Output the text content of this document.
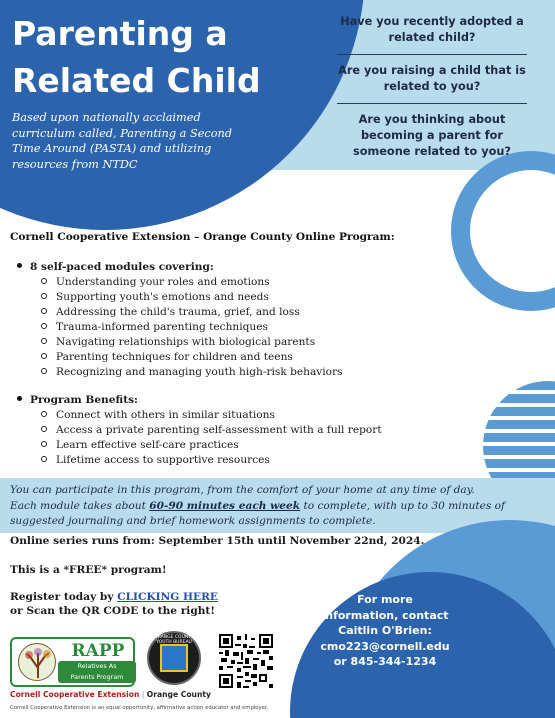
Parenting a
Related Child
Based upon nationally acclaimed curriculum called, Parenting a Second Time Around (PASTA) and utilizing resources from NTDC
Have you recently adopted a related child?
Are you raising a child that is related to you?
Are you thinking about becoming a parent for someone related to you?
Cornell Cooperative Extension – Orange County Online Program:
8 self-paced modules covering:
Understanding your roles and emotions
Supporting youth's emotions and needs
Addressing the child's trauma, grief, and loss
Trauma-informed parenting techniques
Navigating relationships with biological parents
Parenting techniques for children and teens
Recognizing and managing youth high-risk behaviors
Program Benefits:
Connect with others in similar situations
Access a private parenting self-assessment with a full report
Learn effective self-care practices
Lifetime access to supportive resources
You can participate in this program, from the comfort of your home at any time of day.
Each module takes about 60-90 minutes each week to complete, with up to 30 minutes of
suggested journaling and brief homework assignments to complete.
Online series runs from: September 15th until November 22nd, 2024.
This is a *FREE* program!
Register today by CLICKING HERE
or Scan the QR CODE to the right!
For more
information, contact
Caitlin O'Brien:
cmo223@cornell.edu
or 845-344-1234
RAPP
Relatives As
Parents Program
ORANGE COUNTY YOUTH BUREAU
Cornell Cooperative Extension | Orange County
Cornell Cooperative Extension is an equal opportunity, affirmative action educator and employer.
